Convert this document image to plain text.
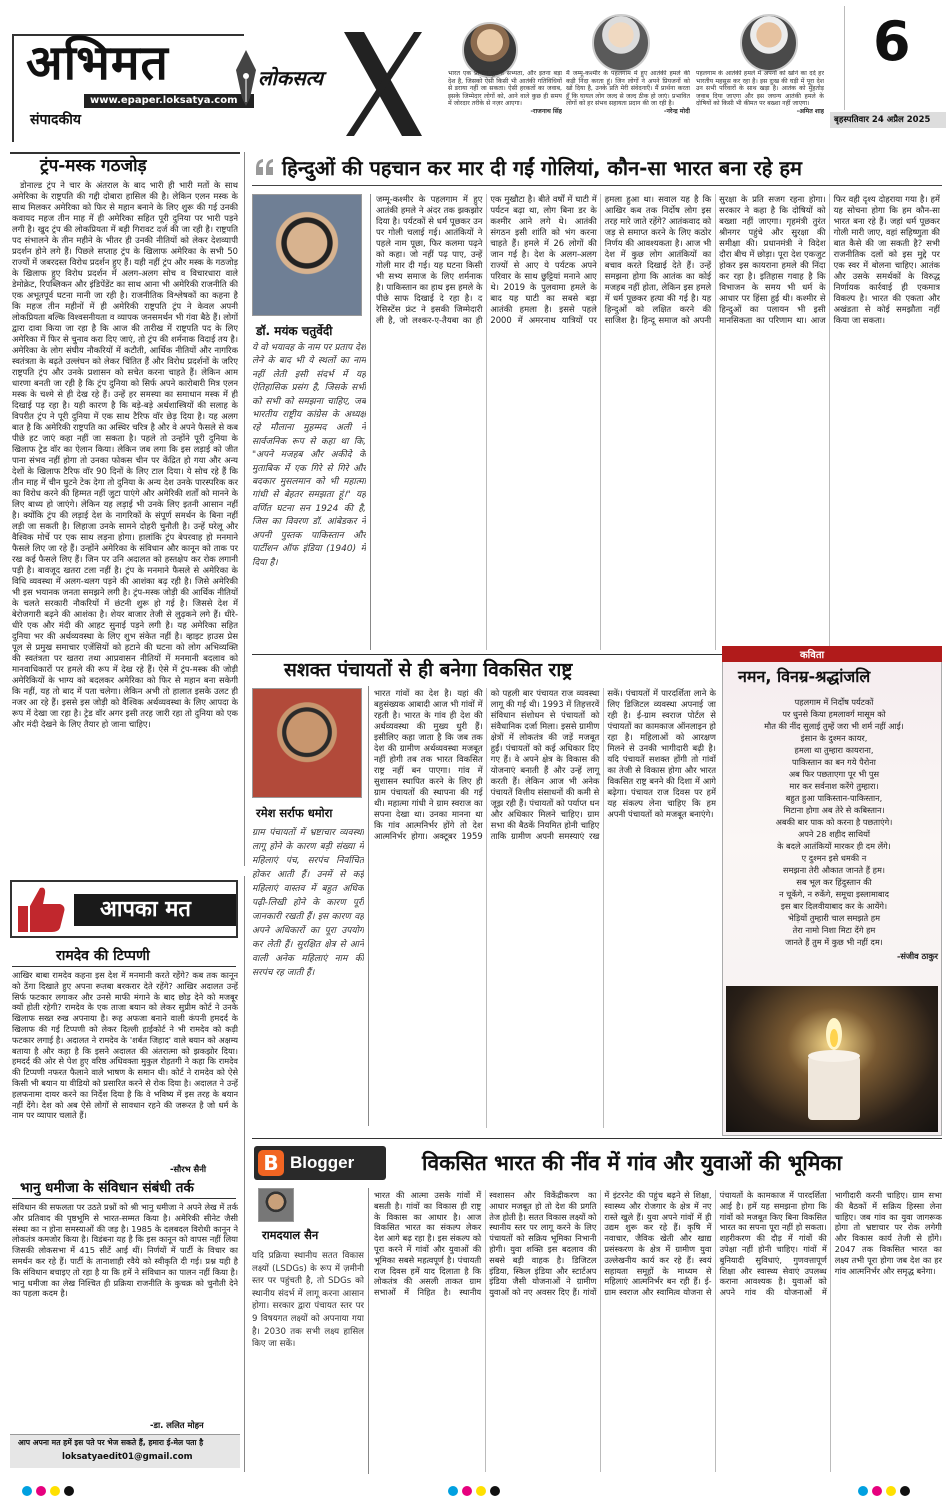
अभिमत
www.epaper.loksatya.com
संपादकीय
लोकसत्य	भारत एक प्राचीन पुरानी सभ्यता, और इतना बड़ा देश है, जिसको ऐसी किसी भी आतंकी गतिविधियों से डराया नहीं जा सकता। ऐसी हरकतों का जवाब, इसके जिम्मेदार लोगों को, आने वाले कुछ ही समय में जोरदार तरीके से नज़र आएगा।
-राजनाथ सिंह
मैं जम्मू-कश्मीर के पहलगाम में हुए आतंकी हमले की कड़ी निंदा करता हूं। जिन लोगों ने अपने प्रियजनों को खो दिया है, उनके प्रति मेरी संवेदनाएँ। मैं प्रार्थना करता हूँ कि घायल लोग जल्द से जल्द ठीक हो जाएं। प्रभावित लोगों को हर संभव सहायता प्रदान की जा रही है।
-नरेन्द्र मोदी
पहलगाम के आतंकी हमले में अपनों को खोने का दर्द हर भारतीय महसूस कर रहा है। इस दुःख की घड़ी में पूरा देश उन सभी परिवारों के साथ खड़ा है। आतंक को मुँहतोड़ जवाब दिया जाएगा और इस जघन्य आतंकी हमले के दोषियों को किसी भी कीमत पर बख्शा नहीं जाएगा।
-अमित शाह
6
बृहस्पतिवार 24 अप्रैल 2025
ट्रंप-मस्क गठजोड़
डोनाल्ड ट्रंप ने चार के अंतराल के बाद भारी ही भारी मतों के साथ अमेरिका के राष्ट्रपति की गद्दी दोबारा हासिल की है। लेकिन एलन मस्क के साथ मिलकर अमेरिका को फिर से महान बनाने के लिए शुरू की गई उनकी कवायद महज तीन माह में ही अमेरिका सहित पूरी दुनिया पर भारी पड़ने लगी है। खुद ट्रंप की लोकप्रियता में बड़ी गिरावट दर्ज की जा रही है। राष्ट्रपति पद संभालने के तीन महीने के भीतर ही उनकी नीतियों को लेकर देशव्यापी प्रदर्शन होने लगे हैं। पिछले सप्ताह ट्रंप के खिलाफ अमेरिका के सभी 50 राज्यों में जबरदस्त विरोध प्रदर्शन हुए हैं। यही नहीं ट्रंप और मस्क के गठजोड़ के खिलाफ हुए विरोध प्रदर्शन में अलग-अलग सोच व विचारधारा वाले डेमोक्रेट, रिपब्लिकन और इंडिपेंडेंट का साथ आना भी अमेरिकी राजनीति की एक अभूतपूर्व घटना मानी जा रही है। राजनीतिक विश्लेषकों का कहना है कि महज तीन महीनों में ही अमेरिकी राष्ट्रपति ट्रंप ने केवल अपनी लोकप्रियता बल्कि विश्वसनीयता व व्यापक जनसमर्थन भी गंवा बैठे हैं। लोगों द्वारा दावा किया जा रहा है कि आज की तारीख में राष्ट्रपति पद के लिए अमेरिका में फिर से चुनाव करा दिए जाएं, तो ट्रंप की शर्मनाक विदाई तय है। अमेरिका के लोग संघीय नौकरियों में कटौती, आर्थिक नीतियों और नागरिक स्वतंत्रता के बढ़ते उल्लंघन को लेकर चिंतित हैं और विरोध प्रदर्शनों के जरिए राष्ट्रपति ट्रंप और उनके प्रशासन को सचेत करना चाहते हैं। लेकिन आम धारणा बनती जा रही है कि ट्रंप दुनिया को सिर्फ अपने कारोबारी मित्र एलन मस्क के चश्मे से ही देख रहे हैं। उन्हें हर समस्या का समाधान मस्क में ही दिखाई पड़ रहा है। यही कारण है कि बड़े-बड़े अर्थशास्त्रियों की सलाह के विपरीत ट्रंप ने पूरी दुनिया में एक साथ टैरिफ वॉर छेड़ दिया है। यह अलग बात है कि अमेरिकी राष्ट्रपति का अस्थिर चरित्र है और वे अपने फैसले से कब पीछे हट जाएं कहा नहीं जा सकता है। पहले तो उन्होंने पूरी दुनिया के खिलाफ ट्रेड वॉर का ऐलान किया। लेकिन जब लगा कि इस लड़ाई को जीत पाना संभव नहीं होगा तो उनका फोकस चीन पर केंद्रित हो गया और अन्य देशों के खिलाफ टैरिफ वॉर 90 दिनों के लिए टाल दिया। ये सोच रहे हैं कि तीन माह में चीन घुटने टेक देगा तो दुनिया के अन्य देश उनके पारस्परिक कर का विरोध करने की हिम्मत नहीं जुटा पाएंगे और अमेरिकी शर्तों को मानने के लिए बाध्य हो जाएंगे। लेकिन यह लड़ाई भी उनके लिए इतनी आसान नहीं है। क्योंकि ट्रंप की लड़ाई देश के नागरिकों के संपूर्ण समर्थन के बिना नहीं लड़ी जा सकती है। लिहाजा उनके सामने दोहरी चुनौती है। उन्हें घरेलू और वैश्विक मोर्चे पर एक साथ लड़ना होगा। हालांकि ट्रंप बेपरवाह हो मनमाने फैसले लिए जा रहे हैं। उन्होंने अमेरिका के संविधान और कानून को ताक पर रख कई फैसले लिए हैं। जिन पर उनि अदालत को हस्तक्षेप कर रोक लगानी पड़ी है। बावजूद खतरा टला नहीं है। ट्रंप के मनमाने फैसले से अमेरिका के विधि व्यवस्था में अलग-थलग पड़ने की आशंका बढ़ रही है। जिसे अमेरिकी भी इस भयानक जनता समझने लगी है। ट्रंप-मस्क जोड़ी की आर्थिक नीतियों के चलते सरकारी नौकरियों में छंटनी शुरू हो गई है। जिससे देश में बेरोजगारी बढ़ने की आशंका है। शेयर बाजार तेजी से लुढ़कने लगे हैं। धीरे-धीरे एक और मंदी की आहट सुनाई पड़ने लगी है। यह अमेरिका सहित दुनिया भर की अर्थव्यवस्था के लिए शुभ संकेत नहीं है। व्हाइट हाउस प्रेस पूल से प्रमुख समाचार एजेंसियों को हटाने की घटना को लोग अभिव्यक्ति की स्वतंत्रता पर खतरा तथा आप्रवासन नीतियों में मनमानी बदलाव को मानवाधिकारों पर हमले की रूप में देख रहे हैं। ऐसे में ट्रंप-मस्क की जोड़ी अमेरिकियों के भाग्य को बदलकर अमेरिका को फिर से महान बना सकेगी कि नहीं, यह तो बाद में पता चलेगा। लेकिन अभी तो हालात इसके उलट ही नजर आ रहे हैं। इससे इस जोड़ी को वैश्विक अर्थव्यवस्था के लिए आपदा के रूप में देखा जा रहा है। ट्रेड वॉर अगर इसी तरह जारी रहा तो दुनिया को एक और मंदी देखने के लिए तैयार हो जाना चाहिए।
हिन्दुओं की पहचान कर मार दी गईं गोलियां, कौन-सा भारत बना रहे हम
डॉ. मयंक चतुर्वेदी
ये वो भयावह के नाम पर प्रताप देश लेने के बाद भी ये स्थलों का नाम नहीं लेती इसी संदर्भ में यह ऐतिहासिक प्रसंग है, जिसके सभी को सभी को समझना चाहिए, जब भारतीय राष्ट्रीय कांग्रेस के अध्यक्ष रहे मौलाना मुहम्मद अली ने सार्वजनिक रूप से कहा था कि, "अपने मजहब और अकीदे के मुताबिक में एक गिरे से गिरे और बदकार मुसलमान को भी महात्मा गांधी से बेहतर समझता हूं।" यह वर्णित घटना सन 1924 की है, जिस का विवरण डॉ. आंबेडकर ने अपनी पुस्तक पाकिस्तान और पार्टीशन ऑफ इंडिया (1940) में दिया है।
जम्मू-कश्मीर के पहलगाम में हुए आतंकी हमले ने अंदर तक झकझोर दिया है। पर्यटकों से धर्म पूछकर उन पर गोली चलाई गई। आतंकियों ने पहले नाम पूछा, फिर कलमा पढ़ने को कहा। जो नहीं पढ़ पाए, उन्हें गोली मार दी गई। यह घटना किसी भी सभ्य समाज के लिए शर्मनाक है। पाकिस्तान का हाथ इस हमले के पीछे साफ दिखाई दे रहा है। द रेसिस्टेंस फ्रंट ने इसकी जिम्मेदारी ली है, जो लश्कर-ए-तैयबा का ही एक मुखौटा है। बीते वर्षों में घाटी में पर्यटन बढ़ा था, लोग बिना डर के कश्मीर आने लगे थे। आतंकी संगठन इसी शांति को भंग करना चाहते हैं। हमले में 26 लोगों की जान गई है। देश के अलग-अलग राज्यों से आए ये पर्यटक अपने परिवार के साथ छुट्टियां मनाने आए थे। 2019 के पुलवामा हमले के बाद यह घाटी का सबसे बड़ा आतंकी हमला है। इससे पहले 2000 में अमरनाथ यात्रियों पर हमला हुआ था। सवाल यह है कि आखिर कब तक निर्दोष लोग इस तरह मारे जाते रहेंगे? आतंकवाद को जड़ से समाप्त करने के लिए कठोर निर्णय की आवश्यकता है। आज भी देश में कुछ लोग आतंकियों का बचाव करते दिखाई देते हैं। उन्हें समझना होगा कि आतंक का कोई मजहब नहीं होता, लेकिन इस हमले में धर्म पूछकर हत्या की गई है। यह हिन्दुओं को लक्षित करने की साजिश है। हिन्दू समाज को अपनी सुरक्षा के प्रति सजग रहना होगा। सरकार ने कहा है कि दोषियों को बख्शा नहीं जाएगा। गृहमंत्री तुरंत श्रीनगर पहुंचे और सुरक्षा की समीक्षा की। प्रधानमंत्री ने विदेश दौरा बीच में छोड़ा। पूरा देश एकजुट होकर इस कायराना हमले की निंदा कर रहा है। इतिहास गवाह है कि विभाजन के समय भी धर्म के आधार पर हिंसा हुई थी। कश्मीर से हिन्दुओं का पलायन भी इसी मानसिकता का परिणाम था। आज फिर वही दृश्य दोहराया गया है। हमें यह सोचना होगा कि हम कौन-सा भारत बना रहे हैं। जहां धर्म पूछकर गोली मारी जाए, वहां सहिष्णुता की बात कैसे की जा सकती है? सभी राजनीतिक दलों को इस मुद्दे पर एक स्वर में बोलना चाहिए। आतंक और उसके समर्थकों के विरुद्ध निर्णायक कार्रवाई ही एकमात्र विकल्प है। भारत की एकता और अखंडता से कोई समझौता नहीं किया जा सकता।
सशक्त पंचायतों से ही बनेगा विकसित राष्ट्र
रमेश सर्राफ धमोरा
ग्राम पंचायतों में भ्रष्टाचार व्यवस्था लागू होने के कारण बड़ी संख्या में महिलाएं पंच, सरपंच निर्वाचित होकर आती हैं। उनमें से कई महिलाएं वास्तव में बहुत अधिक पढ़ी-लिखी होने के कारण पूरी जानकारी रखती हैं। इस कारण वह अपने अधिकारों का पूरा उपयोग कर लेती हैं। सुरक्षित क्षेत्र से आने वाली अनेक महिलाएं नाम की सरपंच रह जाती हैं।
भारत गांवों का देश है। यहां की बहुसंख्यक आबादी आज भी गांवों में रहती है। भारत के गांव ही देश की अर्थव्यवस्था की मुख्य धुरी हैं। इसीलिए कहा जाता है कि जब तक देश की ग्रामीण अर्थव्यवस्था मजबूत नहीं होगी तब तक भारत विकसित राष्ट्र नहीं बन पाएगा। गांव में सुशासन स्थापित करने के लिए ही ग्राम पंचायतों की स्थापना की गई थी। महात्मा गांधी ने ग्राम स्वराज का सपना देखा था। उनका मानना था कि गांव आत्मनिर्भर होंगे तो देश आत्मनिर्भर होगा। अक्टूबर 1959 को पहली बार पंचायत राज व्यवस्था लागू की गई थी। 1993 में तिहत्तरवें संविधान संशोधन से पंचायतों को संवैधानिक दर्जा मिला। इससे ग्रामीण क्षेत्रों में लोकतंत्र की जड़ें मजबूत हुईं। पंचायतों को कई अधिकार दिए गए हैं। वे अपने क्षेत्र के विकास की योजनाएं बनाती हैं और उन्हें लागू करती हैं। लेकिन आज भी अनेक पंचायतें वित्तीय संसाधनों की कमी से जूझ रही हैं। पंचायतों को पर्याप्त धन और अधिकार मिलने चाहिए। ग्राम सभा की बैठकें नियमित होनी चाहिए ताकि ग्रामीण अपनी समस्याएं रख सकें। पंचायतों में पारदर्शिता लाने के लिए डिजिटल व्यवस्था अपनाई जा रही है। ई-ग्राम स्वराज पोर्टल से पंचायतों का कामकाज ऑनलाइन हो रहा है। महिलाओं को आरक्षण मिलने से उनकी भागीदारी बढ़ी है। यदि पंचायतें सशक्त होंगी तो गांवों का तेजी से विकास होगा और भारत विकसित राष्ट्र बनने की दिशा में आगे बढ़ेगा। पंचायत राज दिवस पर हमें यह संकल्प लेना चाहिए कि हम अपनी पंचायतों को मजबूत बनाएंगे।
कविता
नमन, विनम्र-श्रद्धांजलि
पहलगाम में निर्दोष पर्यटकों
पर धुनसे किया हमलावर्ग मासूम को
मौत की नींद सुलाई तुम्हें जरा भी शर्म नहीं आई।
इंसान के दुश्मन कायर,
हमला था तुम्हारा कायराना,
पाकिस्तान का बन गये पैरोना
अब फिर पछताएगा पूर भी पुस
मार कर सर्वनाश करेंगे तुम्हारा।
बहुत हुआ पाकिस्तान-पाकिस्तान,
मिटाना होगा अब तेरे से कबिस्तान।
अबकी बार पाक को करना है पछताएंगे।
अपने 28 शहीद साथियों
के बदले आतंकियों मारकर ही दम लेंगे।
ए दुश्मन इसे धमकी न
समझना तेरी औकात जानते हैं हम।
सब भूल कर हिंदुस्तान की
न चूकेंगे, न रुकेंगे, समूचा इस्लामाबाद
इस बार दिलवीयाबाद कर के आयेंगे।
भेड़ियों तुम्हारी चाल समझते हम
तेरा नामो निशा मिटा देंगे हम
जानते हैं तुम में कुछ भी नहीं दम।
-संजीव ठाकुर
आपका मत
रामदेव की टिप्पणी
आखिर बाबा रामदेव कहना इस देश में मनमानी करते रहेंगे? कब तक कानून को ठेंगा दिखाते हुए अपना रूतबा बरकरार देते रहेंगे? आखिर अदालत उन्हें सिर्फ फटकार लगाकर और उनसे माफी मंगाने के बाद छोड़ देने को मजबूर क्यों होती रहेगी? रामदेव के एक ताजा बयान को लेकर सुप्रीम कोर्ट ने उनके खिलाफ सख्त रुख अपनाया है। रूह अफजा बनाने वाली कंपनी हमदर्द के खिलाफ की गई टिप्पणी को लेकर दिल्ली हाईकोर्ट ने भी रामदेव को कड़ी फटकार लगाई है। अदालत ने रामदेव के 'शर्बत जिहाद' वाले बयान को अक्षम्य बताया है और कहा है कि इसने अदालत की अंतरात्मा को झकझोर दिया। हमदर्द की ओर से पेश हुए वरिष्ठ अधिवक्ता मुकुल रोहतगी ने कहा कि रामदेव की टिप्पणी नफरत फैलाने वाले भाषण के समान थी। कोर्ट ने रामदेव को ऐसे किसी भी बयान या वीडियो को प्रसारित करने से रोक दिया है। अदालत ने उन्हें हलफनामा दायर करने का निर्देश दिया है कि वे भविष्य में इस तरह के बयान नहीं देंगे। देश को अब ऐसे लोगों से सावधान रहने की जरूरत है जो धर्म के नाम पर व्यापार चलाते हैं।
-सौरभ सैनी
भानु धमीजा के संविधान संबंधी तर्क
संविधान की सफलता पर उठते प्रश्नों को श्री भानु धमीजा ने अपने लेख में तर्क और प्रतिवाद की पृष्ठभूमि से भारत-सम्मत किया है। अमेरिकी सीनेट जैसी संस्था का न होना समस्याओं की जड़ है। 1985 के दलबदल विरोधी कानून ने लोकतंत्र कमजोर किया है। विडंबना यह है कि इस कानून को वापस नहीं लिया जिसकी लोकसभा में 415 सीटें आई थीं। निर्णयों में पार्टी के विचार का समर्थन कर रहे हैं। पार्टी के तानाशाही रवैये को स्वीकृति दी गई। प्रश्न यही है कि संविधान बचाइए तो रहा है या कि हमें ने संविधान का पालन नहीं किया है। भानु धमीजा का लेख निश्चित ही प्रक्रिया राजनीति के कुचक्र को चुनौती देने का पहला कदम है।
-डा. ललित मोहन
आप अपना मत हमें इस पते पर भेज सकते हैं, हमारा ई-मेल पता है
loksatyaedit01@gmail.com
B Blogger	विकसित भारत की नींव में गांव और युवाओं की भूमिका
रामदयाल सैन
यदि प्रक्रिया स्थानीय सतत विकास लक्ष्यों (LSDGs) के रूप में ज़मीनी स्तर पर पहुंचती है, तो SDGs को स्थानीय संदर्भ में लागू करना आसान होगा। सरकार द्वारा पंचायत स्तर पर 9 विषयगत लक्ष्यों को अपनाया गया है। 2030 तक सभी लक्ष्य हासिल किए जा सकें।
भारत की आत्मा उसके गांवों में बसती है। गांवों का विकास ही राष्ट्र के विकास का आधार है। आज विकसित भारत का संकल्प लेकर देश आगे बढ़ रहा है। इस संकल्प को पूरा करने में गांवों और युवाओं की भूमिका सबसे महत्वपूर्ण है। पंचायती राज दिवस हमें याद दिलाता है कि लोकतंत्र की असली ताकत ग्राम सभाओं में निहित है। स्थानीय स्वशासन और विकेंद्रीकरण का आधार मजबूत हो तो देश की प्रगति तेज होती है। सतत विकास लक्ष्यों को स्थानीय स्तर पर लागू करने के लिए पंचायतों को सक्रिय भूमिका निभानी होगी। युवा शक्ति इस बदलाव की सबसे बड़ी वाहक है। डिजिटल इंडिया, स्किल इंडिया और स्टार्टअप इंडिया जैसी योजनाओं ने ग्रामीण युवाओं को नए अवसर दिए हैं। गांवों में इंटरनेट की पहुंच बढ़ने से शिक्षा, स्वास्थ्य और रोजगार के क्षेत्र में नए रास्ते खुले हैं। युवा अपने गांवों में ही उद्यम शुरू कर रहे हैं। कृषि में नवाचार, जैविक खेती और खाद्य प्रसंस्करण के क्षेत्र में ग्रामीण युवा उल्लेखनीय कार्य कर रहे हैं। स्वयं सहायता समूहों के माध्यम से महिलाएं आत्मनिर्भर बन रही हैं। ई-ग्राम स्वराज और स्वामित्व योजना से पंचायतों के कामकाज में पारदर्शिता आई है। हमें यह समझना होगा कि गांवों को मजबूत किए बिना विकसित भारत का सपना पूरा नहीं हो सकता। शहरीकरण की दौड़ में गांवों की उपेक्षा नहीं होनी चाहिए। गांवों में बुनियादी सुविधाएं, गुणवत्तापूर्ण शिक्षा और स्वास्थ्य सेवाएं उपलब्ध कराना आवश्यक है। युवाओं को अपने गांव की योजनाओं में भागीदारी करनी चाहिए। ग्राम सभा की बैठकों में सक्रिय हिस्सा लेना चाहिए। जब गांव का युवा जागरूक होगा तो भ्रष्टाचार पर रोक लगेगी और विकास कार्य तेजी से होंगे। 2047 तक विकसित भारत का लक्ष्य तभी पूरा होगा जब देश का हर गांव आत्मनिर्भर और समृद्ध बनेगा।
